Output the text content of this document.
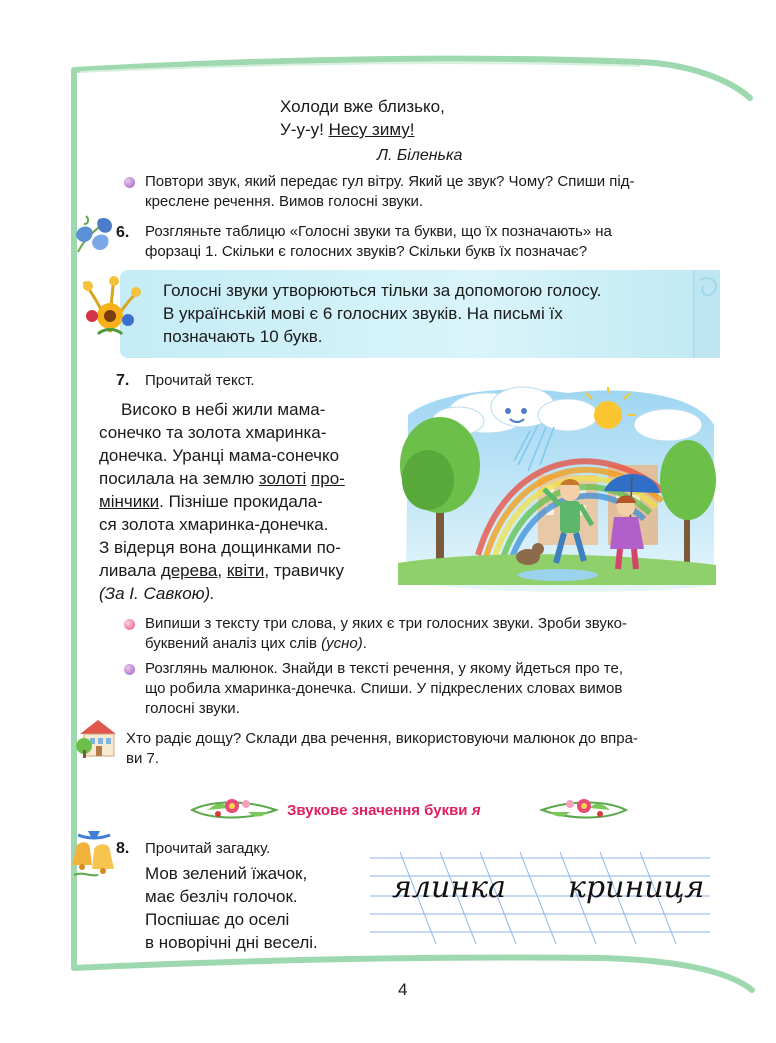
Холоди вже близько,
У-у-у! Несу зиму!
Л. Біленька
Повтори звук, який передає гул вітру. Який це звук? Чому? Спиши під-
креслене речення. Вимов голосні звуки.
6. Розгляньте таблицю «Голосні звуки та букви, що їх позначають» на
форзаці 1. Скільки є голосних звуків? Скільки букв їх позначає?
Голосні звуки утворюються тільки за допомогою голосу.
В українській мові є 6 голосних звуків. На письмі їх
позначають 10 букв.
7. Прочитай текст.
Високо в небі жили мама-
сонечко та золота хмаринка-
донечка. Уранці мама-сонечко
посилала на землю золоті про-
мінчики. Пізніше прокидала-
ся золота хмаринка-донечка.
З відерця вона дощинками по-
ливала дерева, квіти, травичку
(За І. Савкою).
Випиши з тексту три слова, у яких є три голосних звуки. Зроби звуко-
буквений аналіз цих слів (усно).
Розглянь малюнок. Знайди в тексті речення, у якому йдеться про те,
що робила хмаринка-донечка. Спиши. У підкреслених словах вимов
голосні звуки.
Хто радіє дощу? Склади два речення, використовуючи малюнок до впра-
ви 7.
Звукове значення букви я
8. Прочитай загадку.
Мов зелений їжачок,
має безліч голочок.
Поспішає до оселі
в новорічні дні веселі.
ялинка криниця
4
